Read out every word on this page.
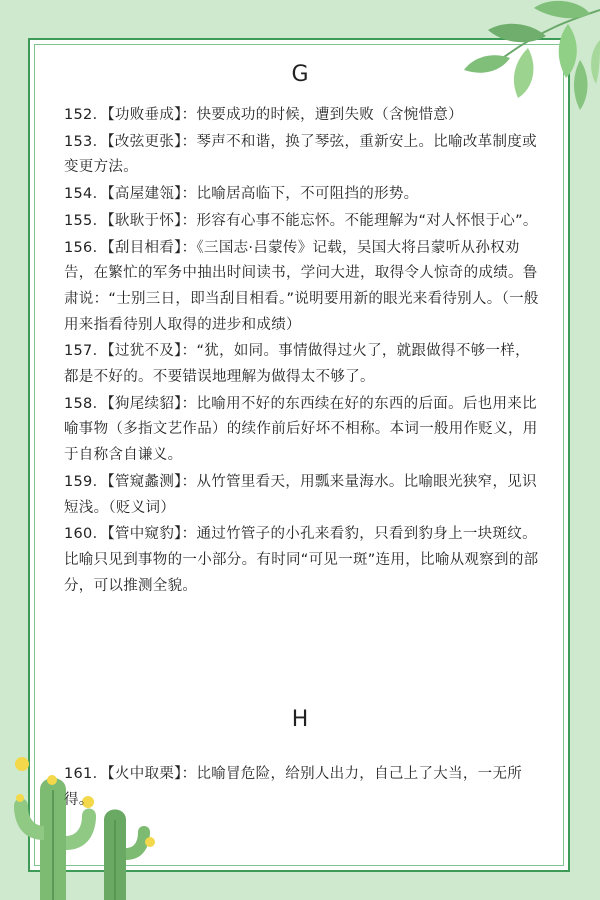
G

152．【功败垂成】：快要成功的时候，遭到失败（含惋惜意）

153．【改弦更张】：琴声不和谐，换了琴弦，重新安上。比喻改革制度或变更方法。

154．【高屋建瓴】：比喻居高临下，不可阻挡的形势。

155．【耿耿于怀】：形容有心事不能忘怀。不能理解为“对人怀恨于心”。

156．【刮目相看】：《三国志·吕蒙传》记载，吴国大将吕蒙听从孙权劝告，在繁忙的军务中抽出时间读书，学问大进，取得令人惊奇的成绩。鲁肃说：“士别三日，即当刮目相看。”说明要用新的眼光来看待别人。（一般用来指看待别人取得的进步和成绩）

157．【过犹不及】：“犹，如同。事情做得过火了，就跟做得不够一样，都是不好的。不要错误地理解为做得太不够了。

158．【狗尾续貂】：比喻用不好的东西续在好的东西的后面。后也用来比喻事物（多指文艺作品）的续作前后好坏不相称。本词一般用作贬义，用于自称含自谦义。

159．【管窥蠡测】：从竹管里看天，用瓢来量海水。比喻眼光狭窄，见识短浅。（贬义词）

160．【管中窥豹】：通过竹管子的小孔来看豹，只看到豹身上一块斑纹。比喻只见到事物的一小部分。有时同“可见一斑”连用，比喻从观察到的部分，可以推测全貌。

H

161．【火中取栗】：比喻冒危险，给别人出力，自己上了大当，一无所得。
